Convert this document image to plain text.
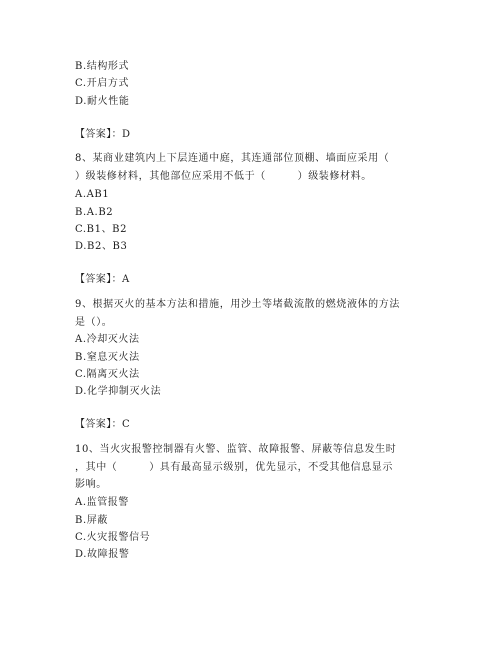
B.结构形式
C.开启方式
D.耐火性能
【答案】：D
8、某商业建筑内上下层连通中庭，其连通部位顶棚、墙面应采用（
）级装修材料，其他部位应采用不低于（　　　）级装修材料。
A.AB1
B.A.B2
C.B1、B2
D.B2、B3
【答案】：A
9、根据灭火的基本方法和措施，用沙土等堵截流散的燃烧液体的方法
是（）。
A.冷却灭火法
B.窒息灭火法
C.隔离灭火法
D.化学抑制灭火法
【答案】：C
10、当火灾报警控制器有火警、监管、故障报警、屏蔽等信息发生时
，其中（　　　）具有最高显示级别，优先显示，不受其他信息显示
影响。
A.监管报警
B.屏蔽
C.火灾报警信号
D.故障报警
